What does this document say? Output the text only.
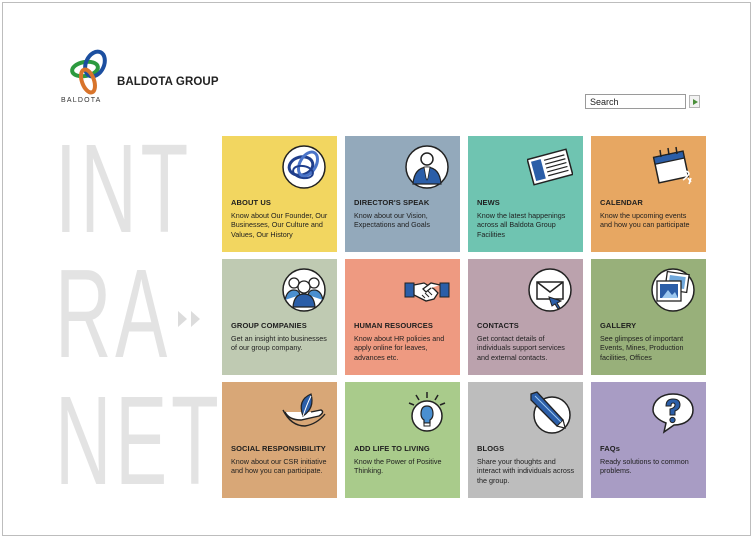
BALDOTA GROUP
BALDOTA
Search
INT
RA
NET
ABOUT US
Know about Our Founder, Our Businesses, Our Culture and Values, Our History
DIRECTOR'S SPEAK
Know about our Vision, Expectations and Goals
NEWS
Know the latest happenings across all Baldota Group Facilities
CALENDAR
Know the upcoming events and how you can participate
GROUP COMPANIES
Get an insight into businesses of our group company.
HUMAN RESOURCES
Know about HR policies and apply online for leaves, advances etc.
CONTACTS
Get contact details of individuals support services and external contacts.
GALLERY
See glimpses of important Events, Mines, Production facilities, Offices
SOCIAL RESPONSIBILITY
Know about our CSR initiative and how you can participate.
ADD LIFE TO LIVING
Know the Power of Positive Thinking.
BLOGS
Share your thoughts and interact with individuals across the group.
FAQs
Ready solutions to common problems.
